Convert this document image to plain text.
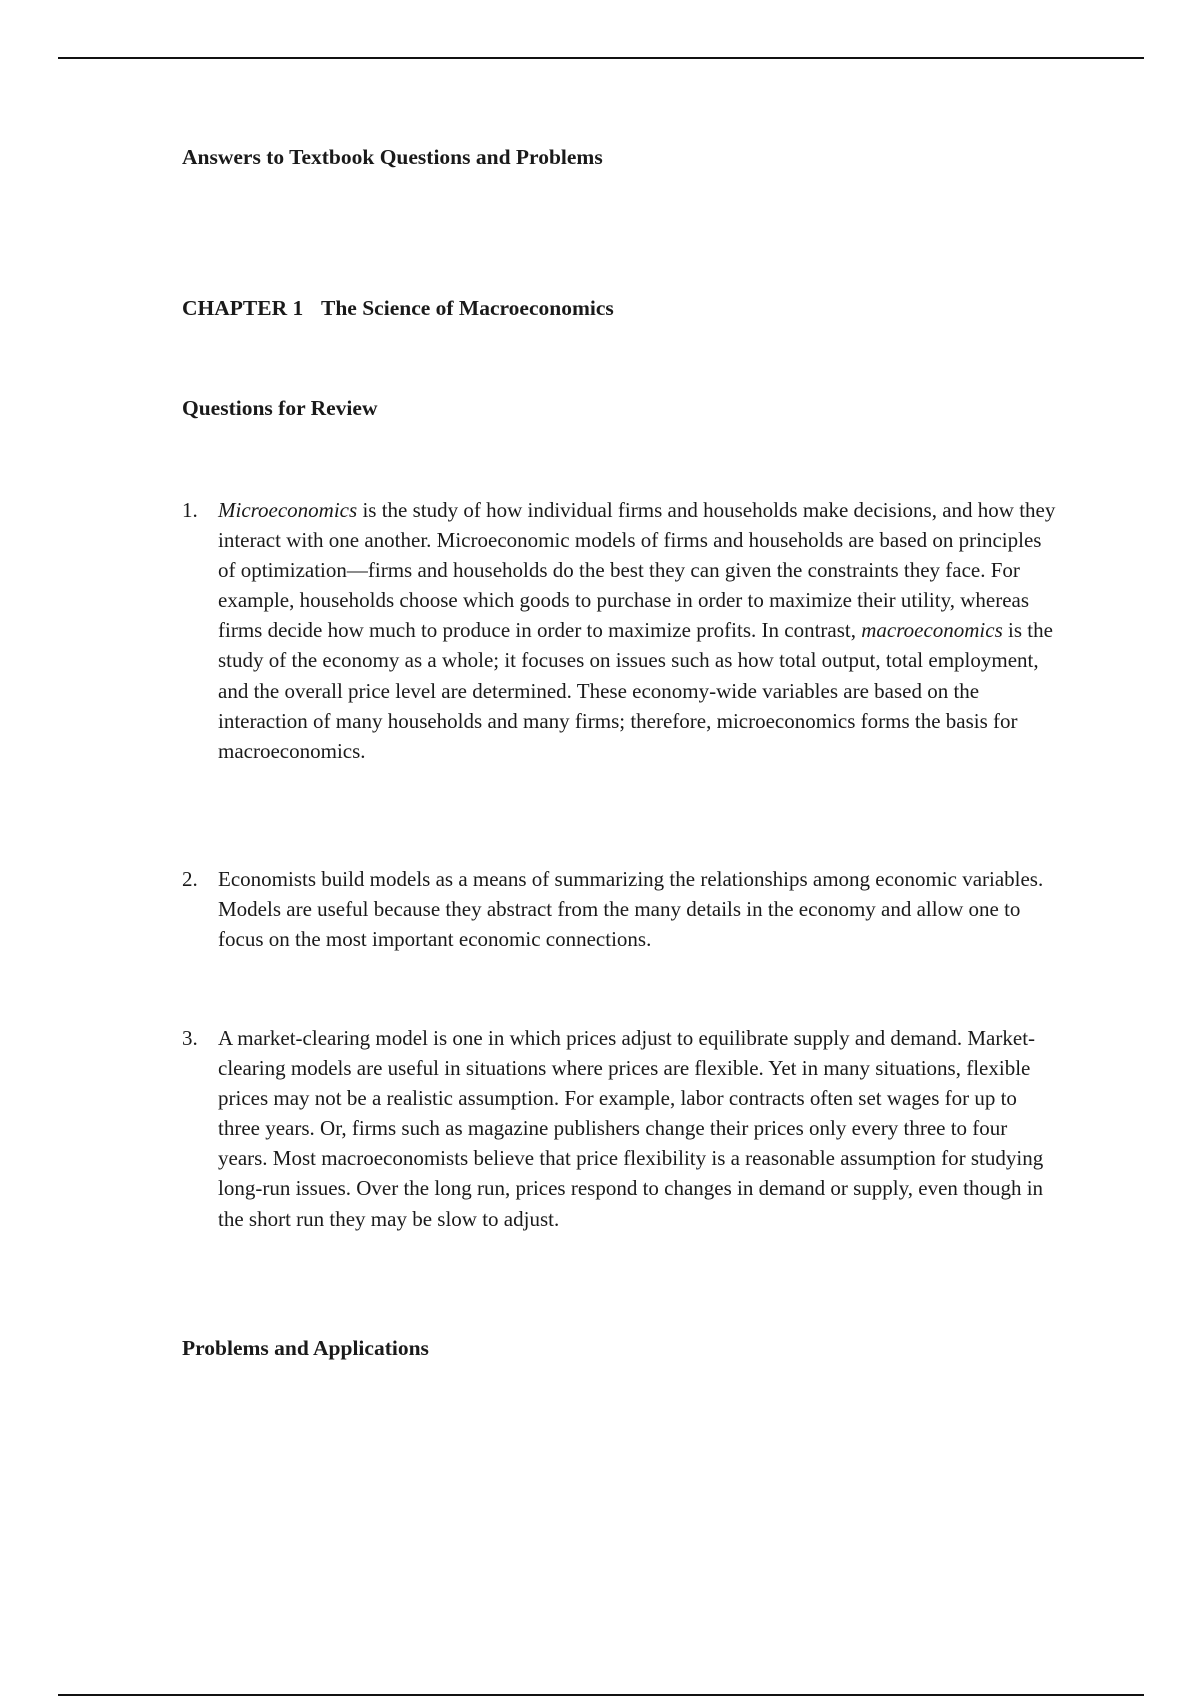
Answers to Textbook Questions and Problems
CHAPTER 1 The Science of Macroeconomics
Questions for Review
1. Microeconomics is the study of how individual firms and households make decisions, and how they interact with one another. Microeconomic models of firms and households are based on principles of optimization—firms and households do the best they can given the constraints they face. For example, households choose which goods to purchase in order to maximize their utility, whereas firms decide how much to produce in order to maximize profits. In contrast, macroeconomics is the study of the economy as a whole; it focuses on issues such as how total output, total employment, and the overall price level are determined. These economy-wide variables are based on the interaction of many households and many firms; therefore, microeconomics forms the basis for macroeconomics.
2. Economists build models as a means of summarizing the relationships among economic variables. Models are useful because they abstract from the many details in the economy and allow one to focus on the most important economic connections.
3. A market-clearing model is one in which prices adjust to equilibrate supply and demand. Market-clearing models are useful in situations where prices are flexible. Yet in many situations, flexible prices may not be a realistic assumption. For example, labor contracts often set wages for up to three years. Or, firms such as magazine publishers change their prices only every three to four years. Most macroeconomists believe that price flexibility is a reasonable assumption for studying long-run issues. Over the long run, prices respond to changes in demand or supply, even though in the short run they may be slow to adjust.
Problems and Applications
